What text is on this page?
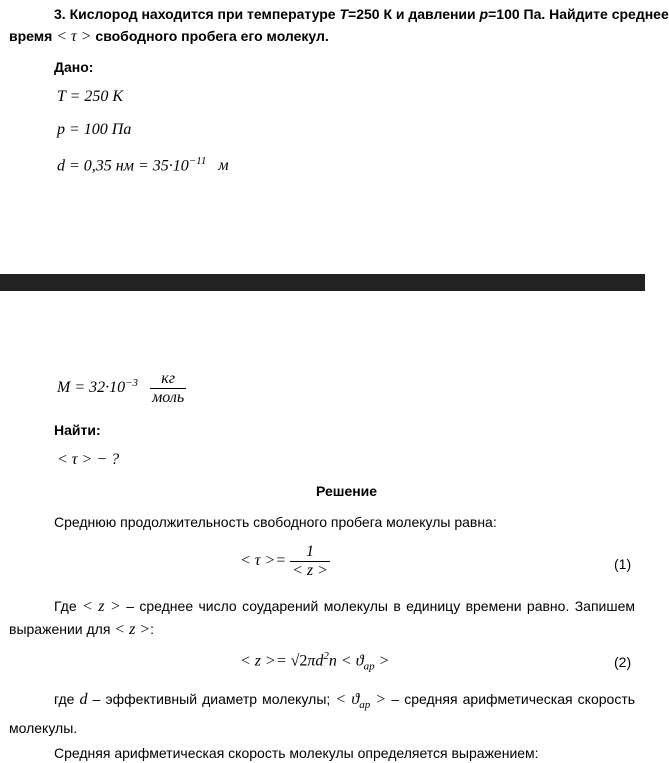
3. Кислород находится при температуре T=250 К и давлении p=100 Па. Найдите среднее
время < τ > свободного пробега его молекул.
Дано:
T = 250 K
p = 100 Па
d = 0,35 нм = $35\cdot 10^{-11}$ м
$M = 32\cdot 10^{-3} \frac{кг}{\text{моль}}$
Найти:
< τ > − ?
Решение
Среднюю продолжительность свободного пробега молекулы равна:
< $\tau >= \frac{1}{< z >}$	(1)
Где < z > – среднее число соударений молекулы в единицу времени равно. Запишем выражении для < z >:
< $z >= √2\pi d^2n < ϑ_{ар}$ >	(2)
где d – эффективный диаметр молекулы; < $ϑ_{ар}$ > – средняя арифметическая скорость молекулы.
Средняя арифметическая скорость молекулы определяется выражением:
